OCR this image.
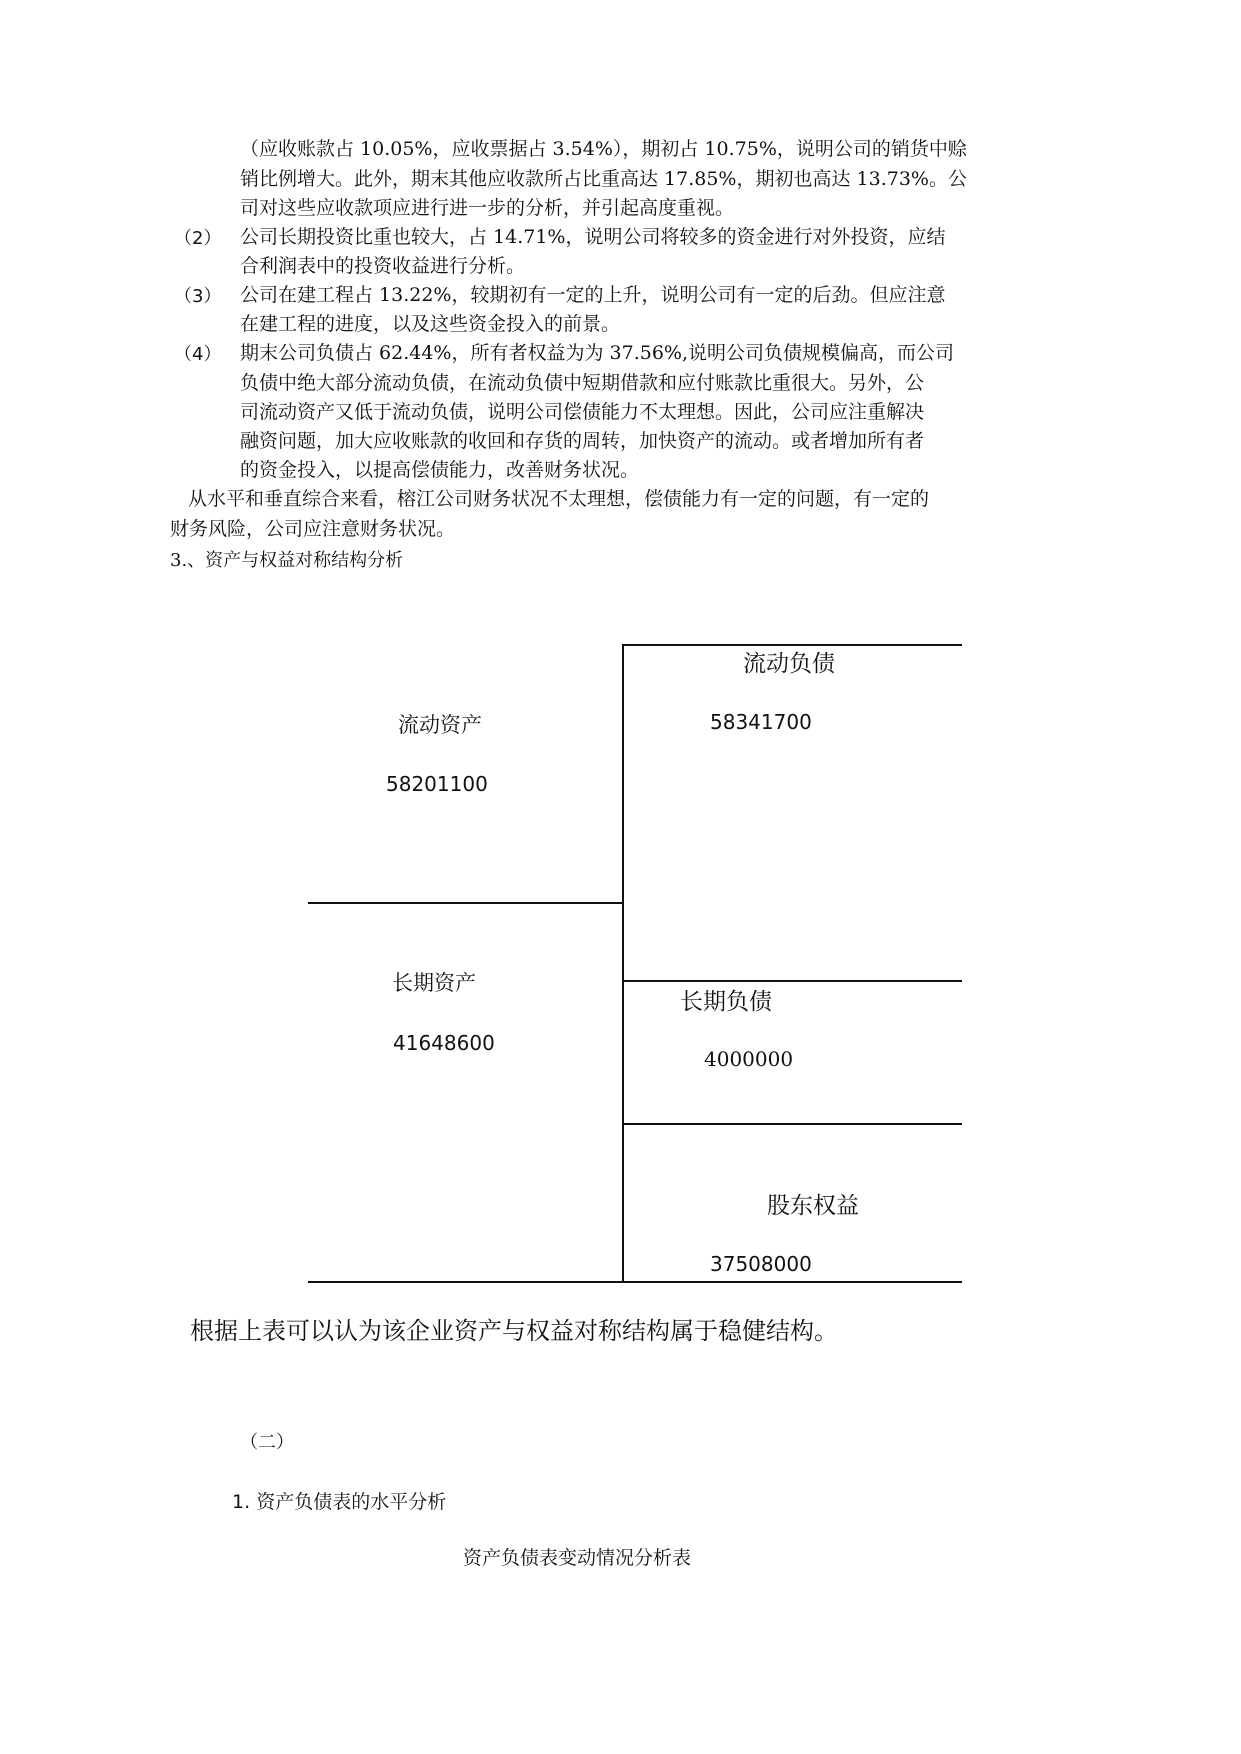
（应收账款占 10.05%，应收票据占 3.54%），期初占 10.75%，说明公司的销货中赊
销比例增大。此外，期末其他应收款所占比重高达 17.85%，期初也高达 13.73%。公
司对这些应收款项应进行进一步的分析，并引起高度重视。
（2） 公司长期投资比重也较大，占 14.71%，说明公司将较多的资金进行对外投资，应结
合利润表中的投资收益进行分析。
（3） 公司在建工程占 13.22%，较期初有一定的上升，说明公司有一定的后劲。但应注意
在建工程的进度，以及这些资金投入的前景。
（4） 期末公司负债占 62.44%，所有者权益为为 37.56%,说明公司负债规模偏高，而公司
负债中绝大部分流动负债，在流动负债中短期借款和应付账款比重很大。另外，公
司流动资产又低于流动负债，说明公司偿债能力不太理想。因此，公司应注重解决
融资问题，加大应收账款的收回和存货的周转，加快资产的流动。或者增加所有者
的资金投入，以提高偿债能力，改善财务状况。
从水平和垂直综合来看，榕江公司财务状况不太理想，偿债能力有一定的问题，有一定的
财务风险，公司应注意财务状况。
3.、资产与权益对称结构分析
流动资产
58201100
长期资产
41648600
流动负债
58341700
长期负债
4000000
股东权益
37508000
根据上表可以认为该企业资产与权益对称结构属于稳健结构。
（二）
1. 资产负债表的水平分析
资产负债表变动情况分析表
